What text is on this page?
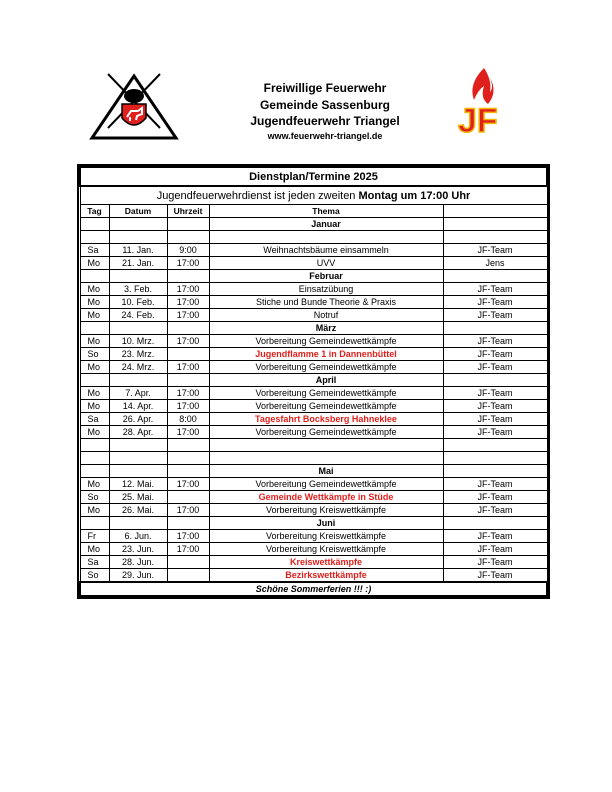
Freiwillige Feuerwehr
Gemeinde Sassenburg
Jugendfeuerwehr Triangel
www.feuerwehr-triangel.de	JF
Dienstplan/Termine 2025				
Jugendfeuerwehrdienst ist jeden zweiten Montag um 17:00 Uhr				
Tag	Datum	Uhrzeit	Thema	
			Januar	

Sa	11. Jan.	9:00	Weihnachtsbäume einsammeln	JF-Team
Mo	21. Jan.	17:00	UVV	Jens
			Februar	
Mo	3. Feb.	17:00	Einsatzübung	JF-Team
Mo	10. Feb.	17:00	Stiche und Bunde Theorie & Praxis	JF-Team
Mo	24. Feb.	17:00	Notruf	JF-Team
			März	
Mo	10. Mrz.	17:00	Vorbereitung Gemeindewettkämpfe	JF-Team
So	23. Mrz.		Jugendflamme 1 in Dannenbüttel	JF-Team
Mo	24. Mrz.	17:00	Vorbereitung Gemeindewettkämpfe	JF-Team
			April	
Mo	7. Apr.	17:00	Vorbereitung Gemeindewettkämpfe	JF-Team
Mo	14. Apr.	17:00	Vorbereitung Gemeindewettkämpfe	JF-Team
Sa	26. Apr.	8:00	Tagesfahrt Bocksberg Hahneklee	JF-Team
Mo	28. Apr.	17:00	Vorbereitung Gemeindewettkämpfe	JF-Team

			Mai	
Mo	12. Mai.	17:00	Vorbereitung Gemeindewettkämpfe	JF-Team
So	25. Mai.		Gemeinde Wettkämpfe in Stüde	JF-Team
Mo	26. Mai.	17:00	Vorbereitung Kreiswettkämpfe	JF-Team
			Juni	
Fr	6. Jun.	17:00	Vorbereitung Kreiswettkämpfe	JF-Team
Mo	23. Jun.	17:00	Vorbereitung Kreiswettkämpfe	JF-Team
Sa	28. Jun.		Kreiswettkämpfe	JF-Team
So	29. Jun.		Bezirkswettkämpfe	JF-Team
Schöne Sommerferien !!! :)				
